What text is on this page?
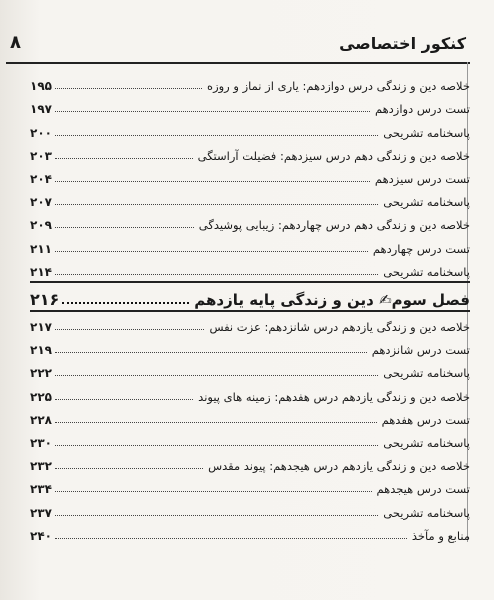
۸	کنکور اختصاصی
خلاصه دین و زندگی درس دوازدهم: یاری از نماز و روزه
۱۹۵
تست درس دوازدهم
۱۹۷
پاسخنامه تشریحی
۲۰۰
خلاصه دین و زندگی دهم درس سیزدهم: فضیلت آراستگی
۲۰۳
تست درس سیزدهم
۲۰۴
پاسخنامه تشریحی
۲۰۷
خلاصه دین و زندگی دهم درس چهاردهم: زیبایی پوشیدگی
۲۰۹
تست درس چهاردهم
۲۱۱
پاسخنامه تشریحی
۲۱۴
فصل سوم✍ دین و زندگی پایه یازدهم
۲۱۶
خلاصه دین و زندگی یازدهم درس شانزدهم: عزت نفس
۲۱۷
تست درس شانزدهم
۲۱۹
پاسخنامه تشریحی
۲۲۲
خلاصه دین و زندگی یازدهم درس هفدهم: زمینه های پیوند
۲۲۵
تست درس هفدهم
۲۲۸
پاسخنامه تشریحی
۲۳۰
خلاصه دین و زندگی یازدهم درس هیجدهم: پیوند مقدس
۲۳۲
تست درس هیجدهم
۲۳۴
پاسخنامه تشریحی
۲۳۷
منابع و مآخذ
۲۴۰
